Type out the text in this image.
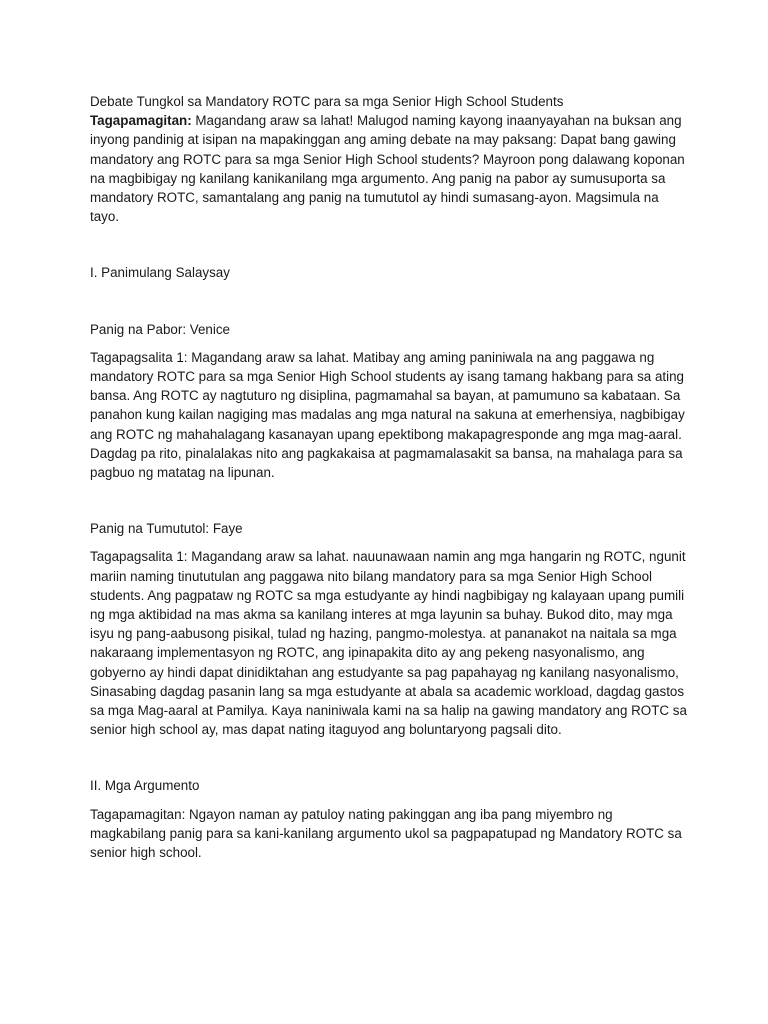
Debate Tungkol sa Mandatory ROTC para sa mga Senior High School Students

Tagapamagitan: Magandang araw sa lahat! Malugod naming kayong inaanyayahan na buksan ang inyong pandinig at isipan na mapakinggan ang aming debate na may paksang: Dapat bang gawing mandatory ang ROTC para sa mga Senior High School students? Mayroon pong dalawang koponan na magbibigay ng kanilang kanikanilang mga argumento. Ang panig na pabor ay sumusuporta sa mandatory ROTC, samantalang ang panig na tumututol ay hindi sumasang-ayon. Magsimula na tayo.

I. Panimulang Salaysay

Panig na Pabor: Venice

Tagapagsalita 1: Magandang araw sa lahat. Matibay ang aming paniniwala na ang paggawa ng mandatory ROTC para sa mga Senior High School students ay isang tamang hakbang para sa ating bansa. Ang ROTC ay nagtuturo ng disiplina, pagmamahal sa bayan, at pamumuno sa kabataan. Sa panahon kung kailan nagiging mas madalas ang mga natural na sakuna at emerhensiya, nagbibigay ang ROTC ng mahahalagang kasanayan upang epektibong makapagresponde ang mga mag-aaral. Dagdag pa rito, pinalalakas nito ang pagkakaisa at pagmamalasakit sa bansa, na mahalaga para sa pagbuo ng matatag na lipunan.

Panig na Tumututol: Faye

Tagapagsalita 1: Magandang araw sa lahat. nauunawaan namin ang mga hangarin ng ROTC, ngunit mariin naming tinututulan ang paggawa nito bilang mandatory para sa mga Senior High School students. Ang pagpataw ng ROTC sa mga estudyante ay hindi nagbibigay ng kalayaan upang pumili ng mga aktibidad na mas akma sa kanilang interes at mga layunin sa buhay. Bukod dito, may mga isyu ng pang-aabusong pisikal, tulad ng hazing, pangmo-molestya. at pananakot na naitala sa mga nakaraang implementasyon ng ROTC, ang ipinapakita dito ay ang pekeng nasyonalismo, ang gobyerno ay hindi dapat dinidiktahan ang estudyante sa pag papahayag ng kanilang nasyonalismo, Sinasabing dagdag pasanin lang sa mga estudyante at abala sa academic workload, dagdag gastos sa mga Mag-aaral at Pamilya. Kaya naniniwala kami na sa halip na gawing mandatory ang ROTC sa senior high school ay, mas dapat nating itaguyod ang boluntaryong pagsali dito.

II. Mga Argumento

Tagapamagitan: Ngayon naman ay patuloy nating pakinggan ang iba pang miyembro ng magkabilang panig para sa kani-kanilang argumento ukol sa pagpapatupad ng Mandatory ROTC sa senior high school.
